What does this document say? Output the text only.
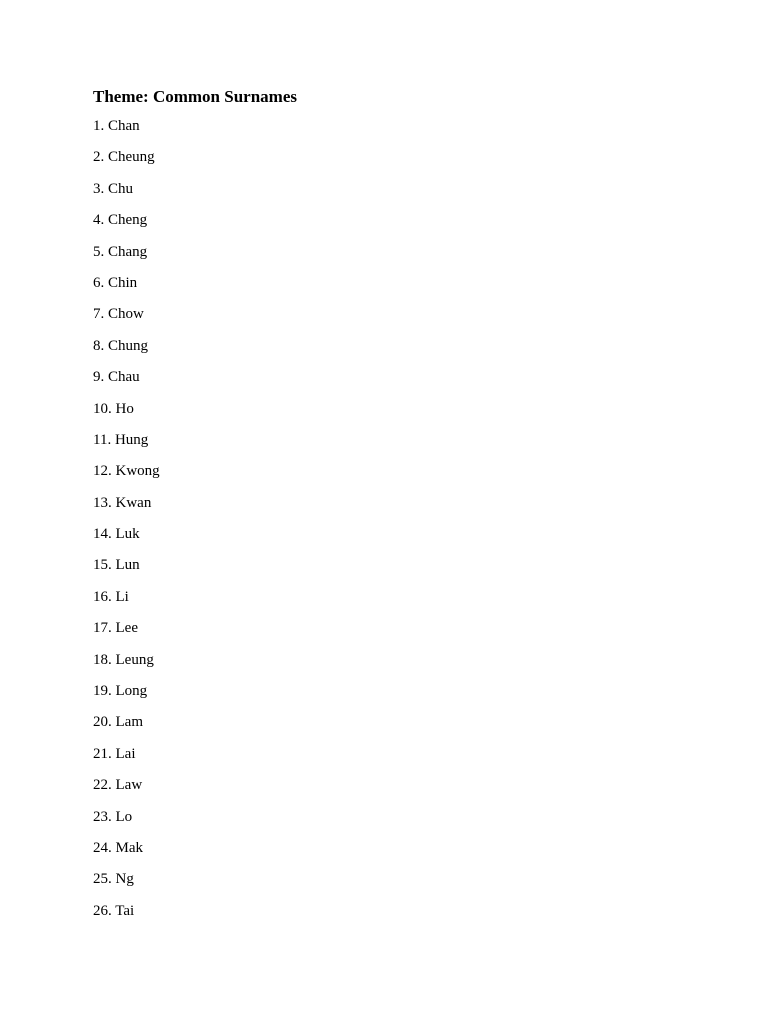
Theme: Common Surnames
1. Chan
2. Cheung
3. Chu
4. Cheng
5. Chang
6. Chin
7. Chow
8. Chung
9. Chau
10. Ho
11. Hung
12. Kwong
13. Kwan
14. Luk
15. Lun
16. Li
17. Lee
18. Leung
19. Long
20. Lam
21. Lai
22. Law
23. Lo
24. Mak
25. Ng
26. Tai
